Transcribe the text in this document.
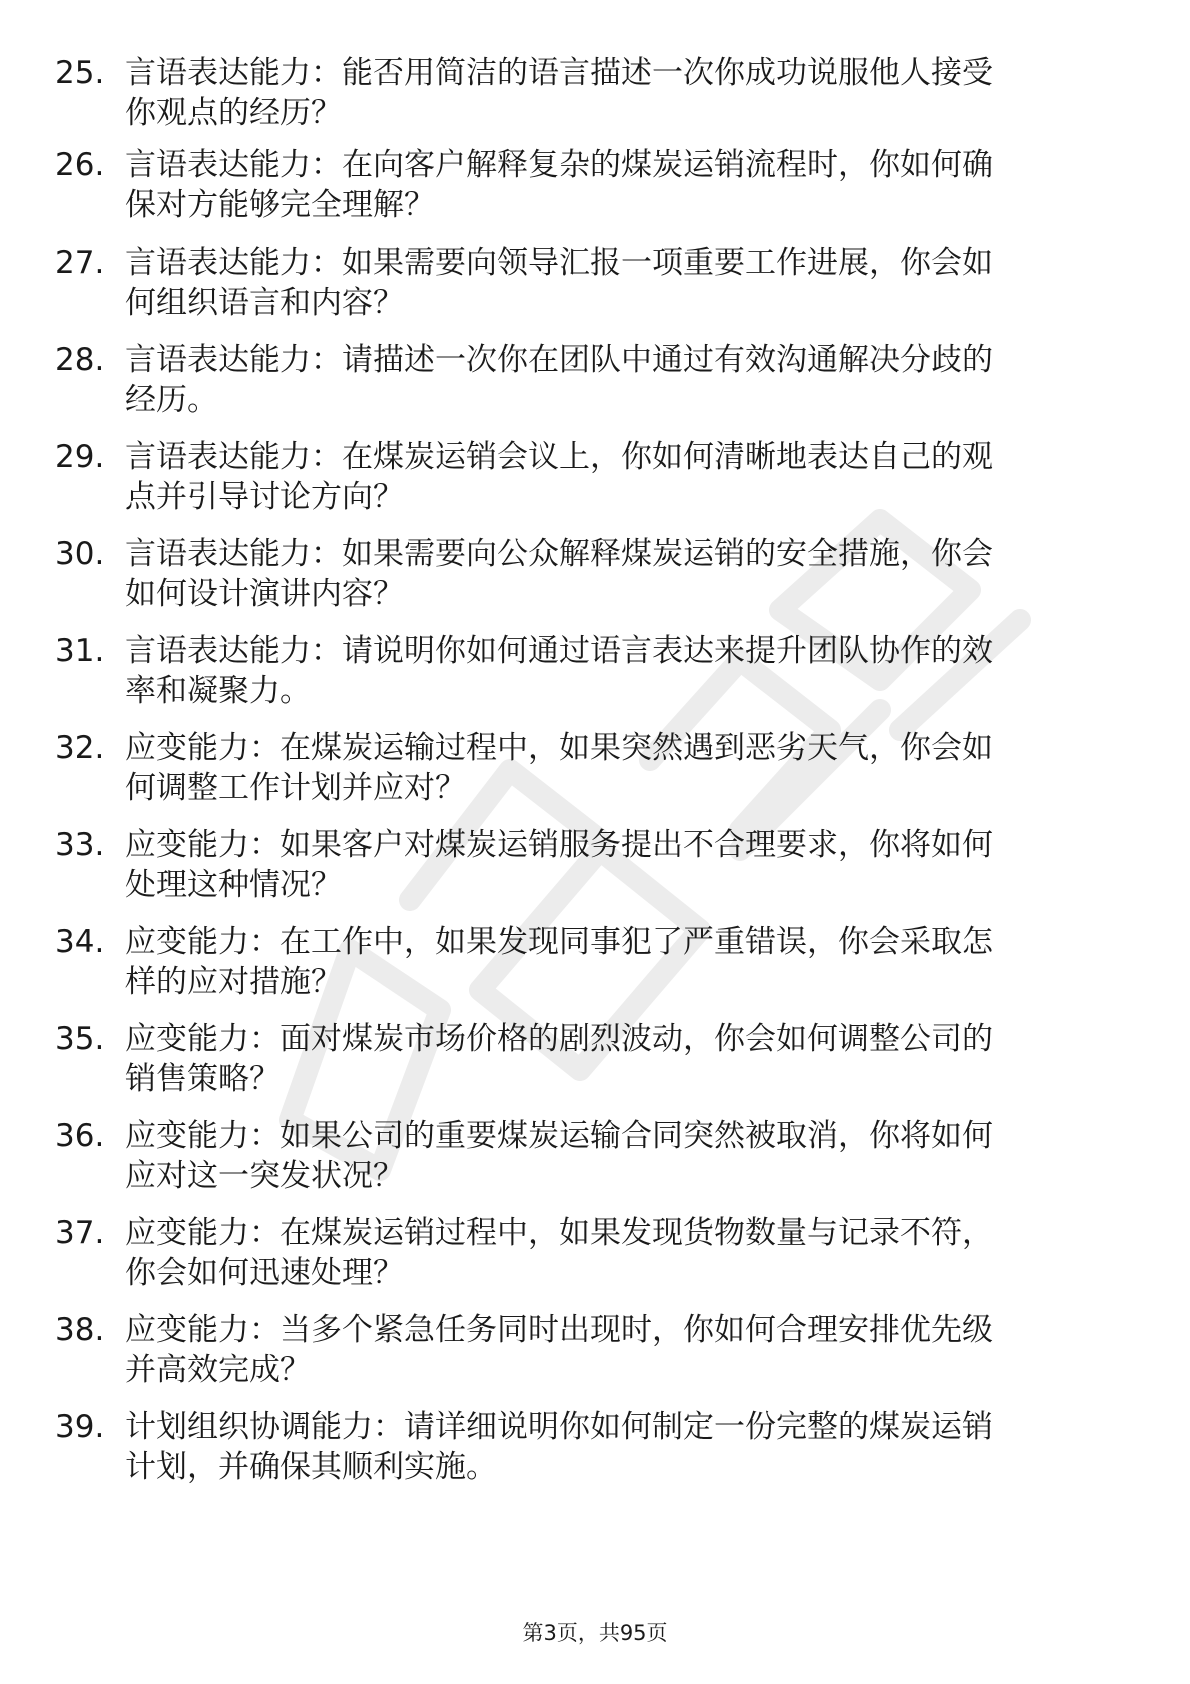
25. 言语表达能力：能否用简洁的语言描述一次你成功说服他人接受
你观点的经历？
26. 言语表达能力：在向客户解释复杂的煤炭运销流程时，你如何确
保对方能够完全理解？
27. 言语表达能力：如果需要向领导汇报一项重要工作进展，你会如
何组织语言和内容？
28. 言语表达能力：请描述一次你在团队中通过有效沟通解决分歧的
经历。
29. 言语表达能力：在煤炭运销会议上，你如何清晰地表达自己的观
点并引导讨论方向？
30. 言语表达能力：如果需要向公众解释煤炭运销的安全措施，你会
如何设计演讲内容？
31. 言语表达能力：请说明你如何通过语言表达来提升团队协作的效
率和凝聚力。
32. 应变能力：在煤炭运输过程中，如果突然遇到恶劣天气，你会如
何调整工作计划并应对？
33. 应变能力：如果客户对煤炭运销服务提出不合理要求，你将如何
处理这种情况？
34. 应变能力：在工作中，如果发现同事犯了严重错误，你会采取怎
样的应对措施？
35. 应变能力：面对煤炭市场价格的剧烈波动，你会如何调整公司的
销售策略？
36. 应变能力：如果公司的重要煤炭运输合同突然被取消，你将如何
应对这一突发状况？
37. 应变能力：在煤炭运销过程中，如果发现货物数量与记录不符，
你会如何迅速处理？
38. 应变能力：当多个紧急任务同时出现时，你如何合理安排优先级
并高效完成？
39. 计划组织协调能力：请详细说明你如何制定一份完整的煤炭运销
计划，并确保其顺利实施。
第3页，共95页
